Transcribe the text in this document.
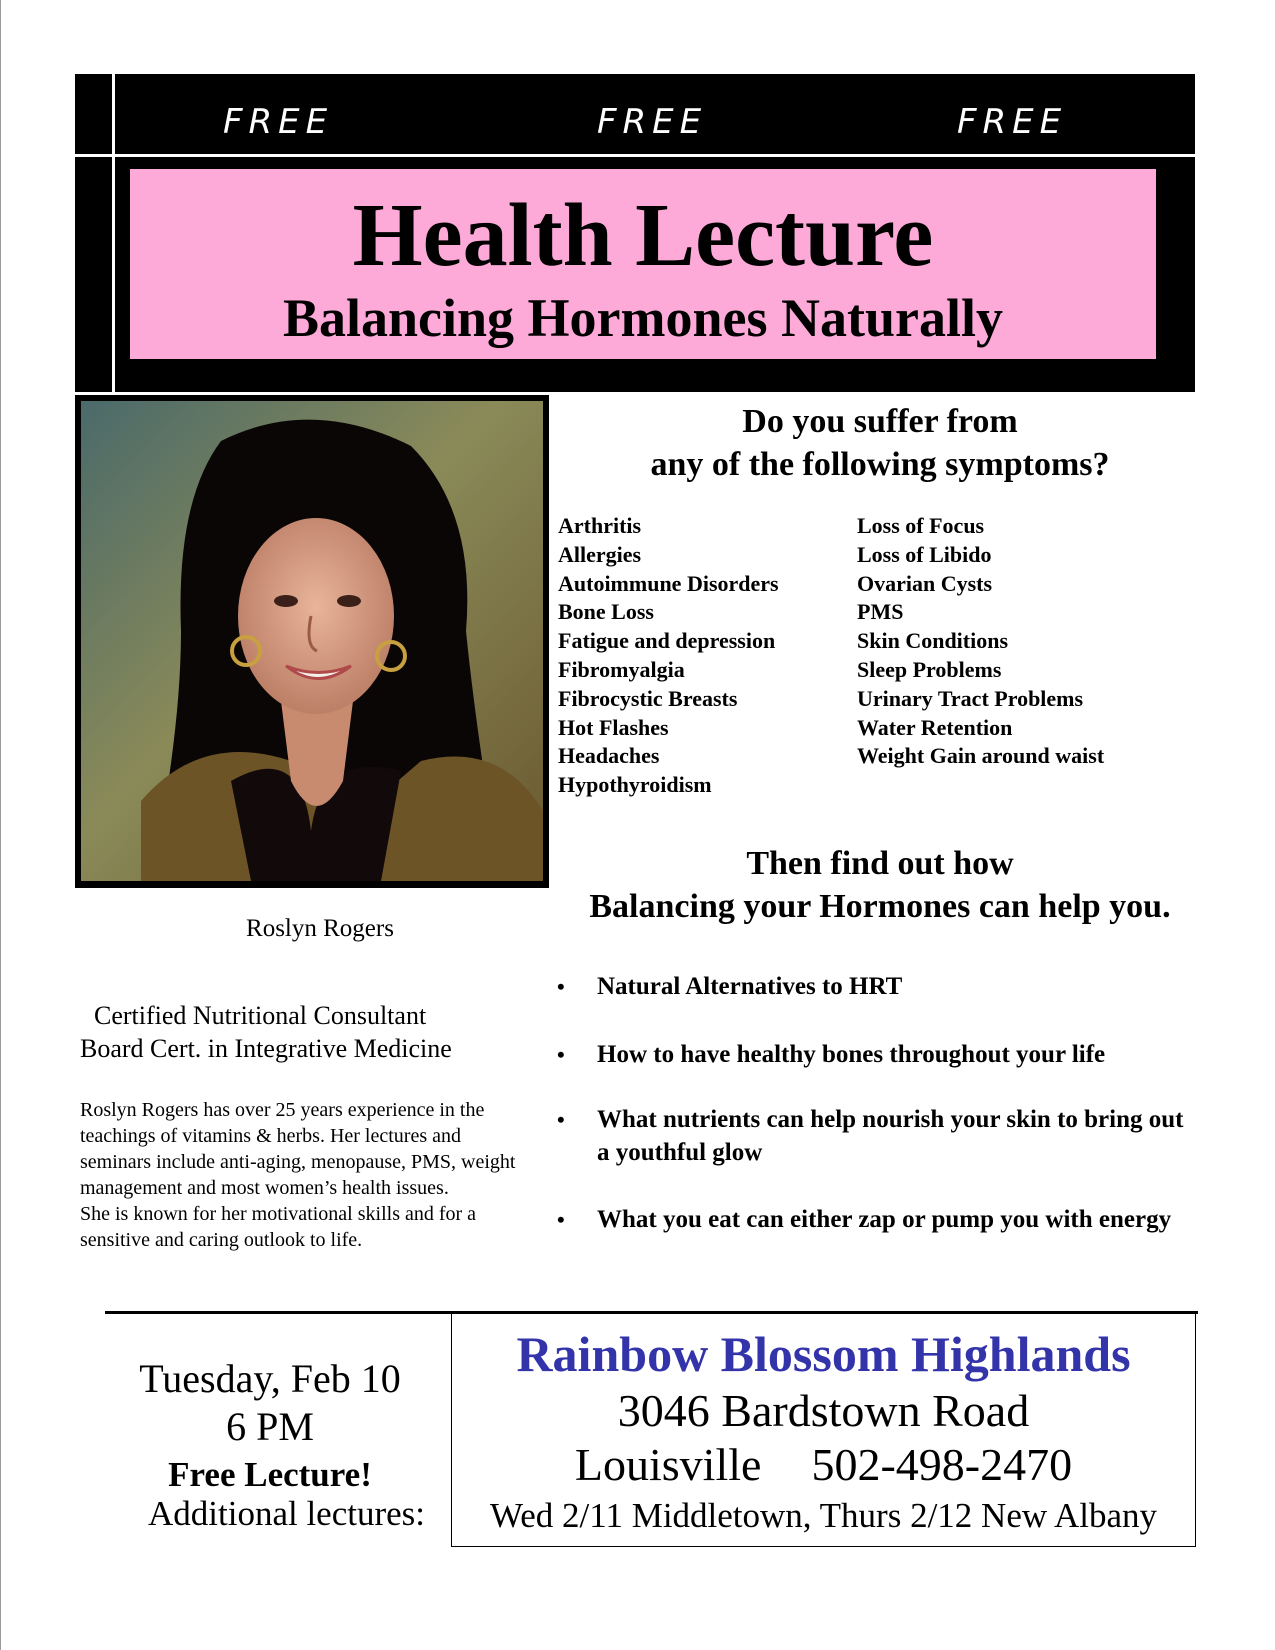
FREE	FREE	FREE
Health Lecture
Balancing Hormones Naturally
Roslyn Rogers
Certified Nutritional Consultant
Board Cert. in Integrative Medicine
Roslyn Rogers has over 25 years experience in the teachings of vitamins & herbs. Her lectures and seminars include anti-aging, menopause, PMS, weight management and most women’s health issues.
She is known for her motivational skills and for a sensitive and caring outlook to life.
Do you suffer from
any of the following symptoms?
Arthritis
Allergies
Autoimmune Disorders
Bone Loss
Fatigue and depression
Fibromyalgia
Fibrocystic Breasts
Hot Flashes
Headaches
Hypothyroidism
Loss of Focus
Loss of Libido
Ovarian Cysts
PMS
Skin Conditions
Sleep Problems
Urinary Tract Problems
Water Retention
Weight Gain around waist
Then find out how
Balancing your Hormones can help you.
• Natural Alternatives to HRT
• How to have healthy bones throughout your life
• What nutrients can help nourish your skin to bring out a youthful glow
• What you eat can either zap or pump you with energy
Tuesday, Feb 10
6 PM
Free Lecture!
Additional lectures:
Rainbow Blossom Highlands
3046 Bardstown Road
Louisville 502-498-2470
Wed 2/11 Middletown, Thurs 2/12 New Albany
